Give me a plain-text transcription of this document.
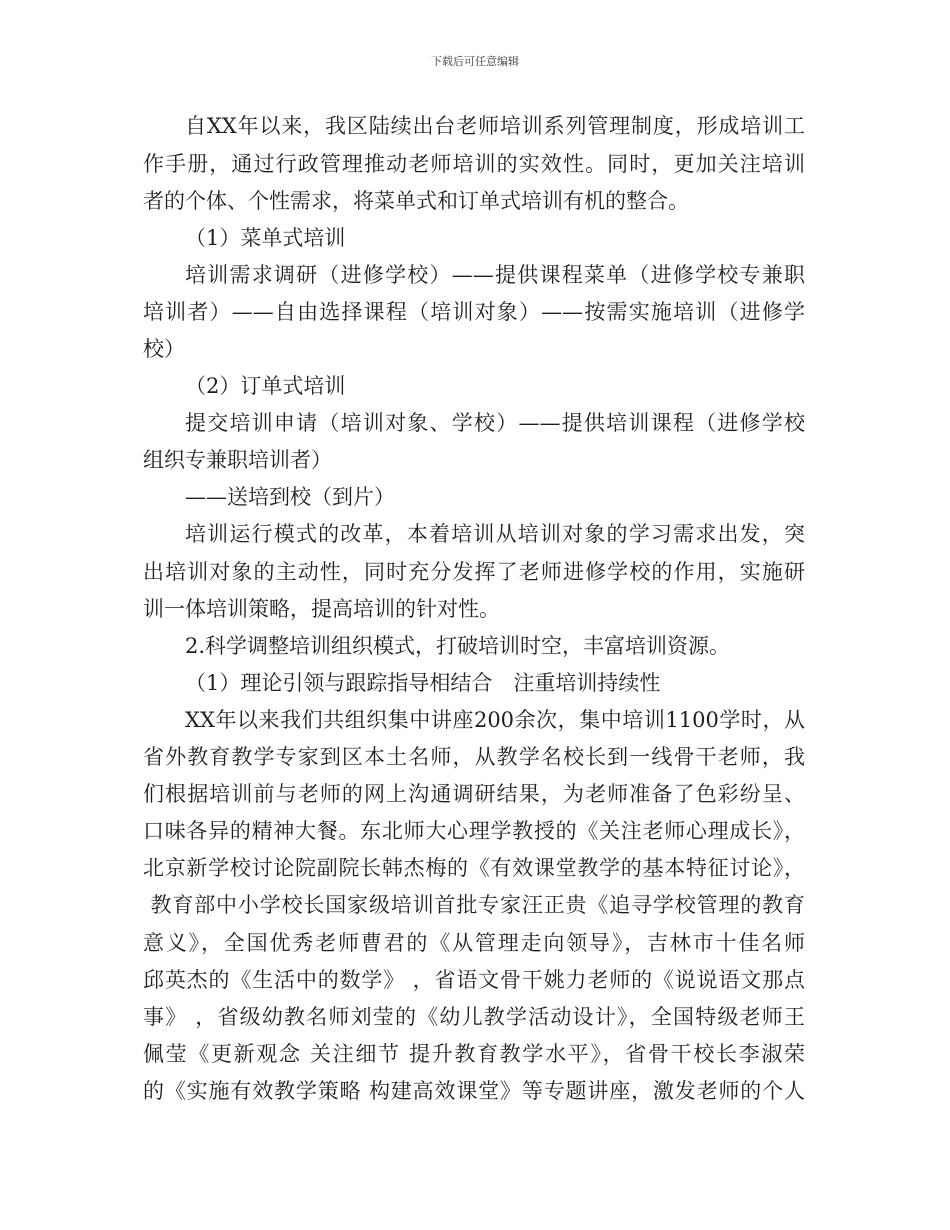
下载后可任意编辑
自XX年以来，我区陆续出台老师培训系列管理制度，形成培训工
作手册，通过行政管理推动老师培训的实效性。同时，更加关注培训
者的个体、个性需求，将菜单式和订单式培训有机的整合。
（1）菜单式培训
培训需求调研（进修学校）——提供课程菜单（进修学校专兼职
培训者）——自由选择课程（培训对象）——按需实施培训（进修学
校）
（2）订单式培训
提交培训申请（培训对象、学校）——提供培训课程（进修学校
组织专兼职培训者）
——送培到校（到片）
培训运行模式的改革，本着培训从培训对象的学习需求出发，突
出培训对象的主动性，同时充分发挥了老师进修学校的作用，实施研
训一体培训策略，提高培训的针对性。
2.科学调整培训组织模式，打破培训时空，丰富培训资源。
（1）理论引领与跟踪指导相结合　注重培训持续性
XX年以来我们共组织集中讲座200余次，集中培训1100学时，从
省外教育教学专家到区本土名师，从教学名校长到一线骨干老师，我
们根据培训前与老师的网上沟通调研结果，为老师准备了色彩纷呈、
口味各异的精神大餐。东北师大心理学教授的《关注老师心理成长》，
北京新学校讨论院副院长韩杰梅的《有效课堂教学的基本特征讨论》，
教育部中小学校长国家级培训首批专家汪正贵《追寻学校管理的教育
意义》，全国优秀老师曹君的《从管理走向领导》，吉林市十佳名师
邱英杰的《生活中的数学》 ，省语文骨干姚力老师的《说说语文那点
事》 ，省级幼教名师刘莹的《幼儿教学活动设计》，全国特级老师王
佩莹《更新观念 关注细节 提升教育教学水平》，省骨干校长李淑荣
的《实施有效教学策略 构建高效课堂》等专题讲座，激发老师的个人
